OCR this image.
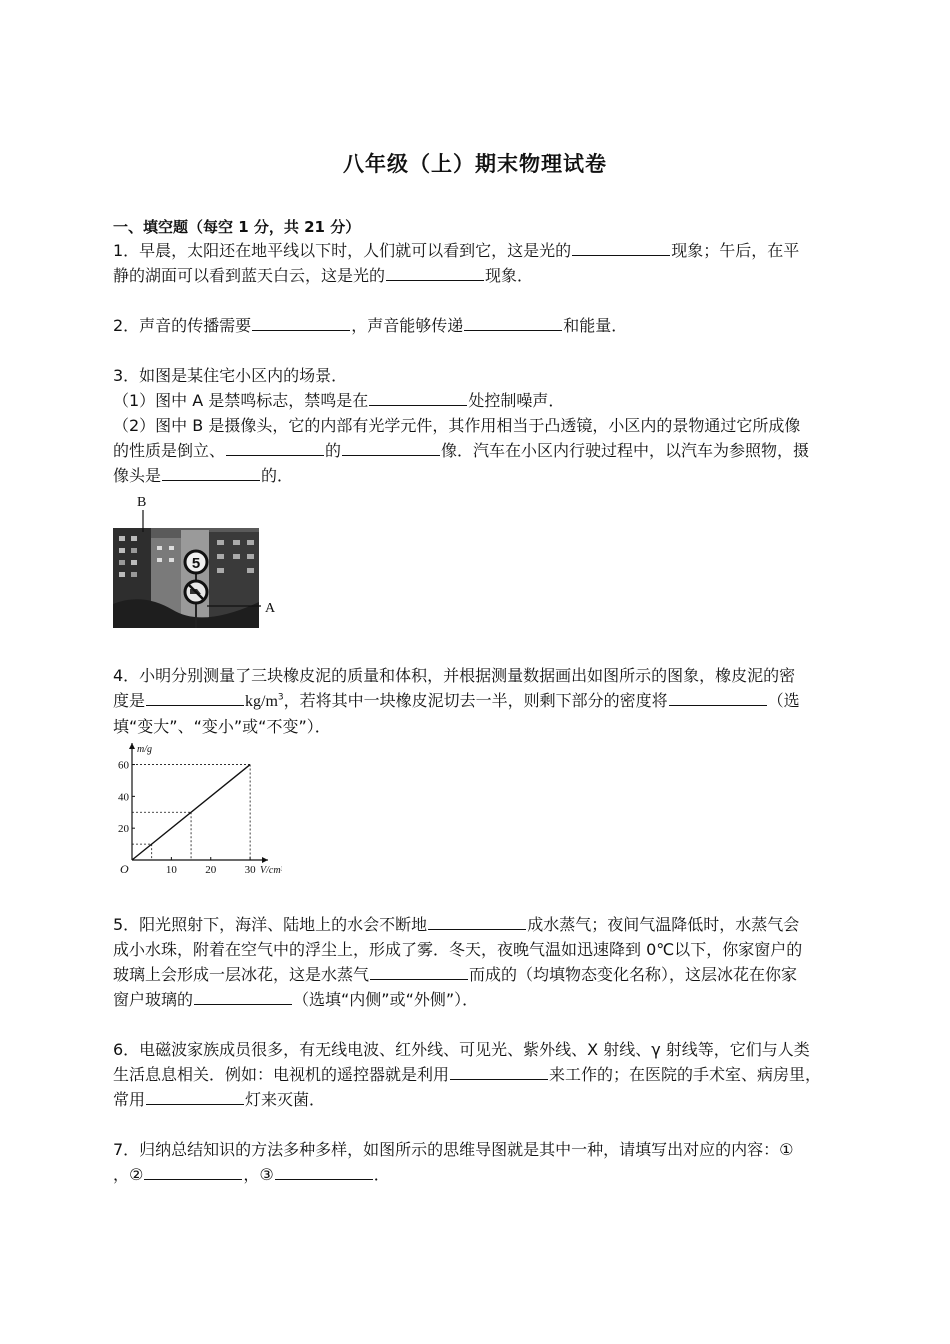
八年级（上）期末物理试卷
一、填空题（每空 1 分，共 21 分）
1．早晨，太阳还在地平线以下时，人们就可以看到它，这是光的	现象；午后，在平
静的湖面可以看到蓝天白云，这是光的	现象．
2．声音的传播需要	，声音能够传递	和能量．
3．如图是某住宅小区内的场景．
（1）图中 A 是禁鸣标志，禁鸣是在	处控制噪声．
（2）图中 B 是摄像头，它的内部有光学元件，其作用相当于凸透镜，小区内的景物通过它所成像
的性质是倒立、	的	像．汽车在小区内行驶过程中，以汽车为参照物，摄
像头是	的．
5
B
A
4．小明分别测量了三块橡皮泥的质量和体积，并根据测量数据画出如图所示的图象，橡皮泥的密
度是	$kg/m^3$，若将其中一块橡皮泥切去一半，则剩下部分的密度将	（选
填“变大”、“变小”或“不变”）．
10	20	30
20
40
60
O	V/cm³
m/g
5．阳光照射下，海洋、陆地上的水会不断地	成水蒸气；夜间气温降低时，水蒸气会
成小水珠，附着在空气中的浮尘上，形成了雾．冬天，夜晚气温如迅速降到 0℃以下，你家窗户的
玻璃上会形成一层冰花，这是水蒸气	而成的（均填物态变化名称），这层冰花在你家
窗户玻璃的	（选填“内侧”或“外侧”）．
6．电磁波家族成员很多，有无线电波、红外线、可见光、紫外线、X 射线、γ 射线等，它们与人类
生活息息相关．例如：电视机的遥控器就是利用	来工作的；在医院的手术室、病房里，
常用	灯来灭菌．
7．归纳总结知识的方法多种多样，如图所示的思维导图就是其中一种，请填写出对应的内容：①
，②	，③	．
